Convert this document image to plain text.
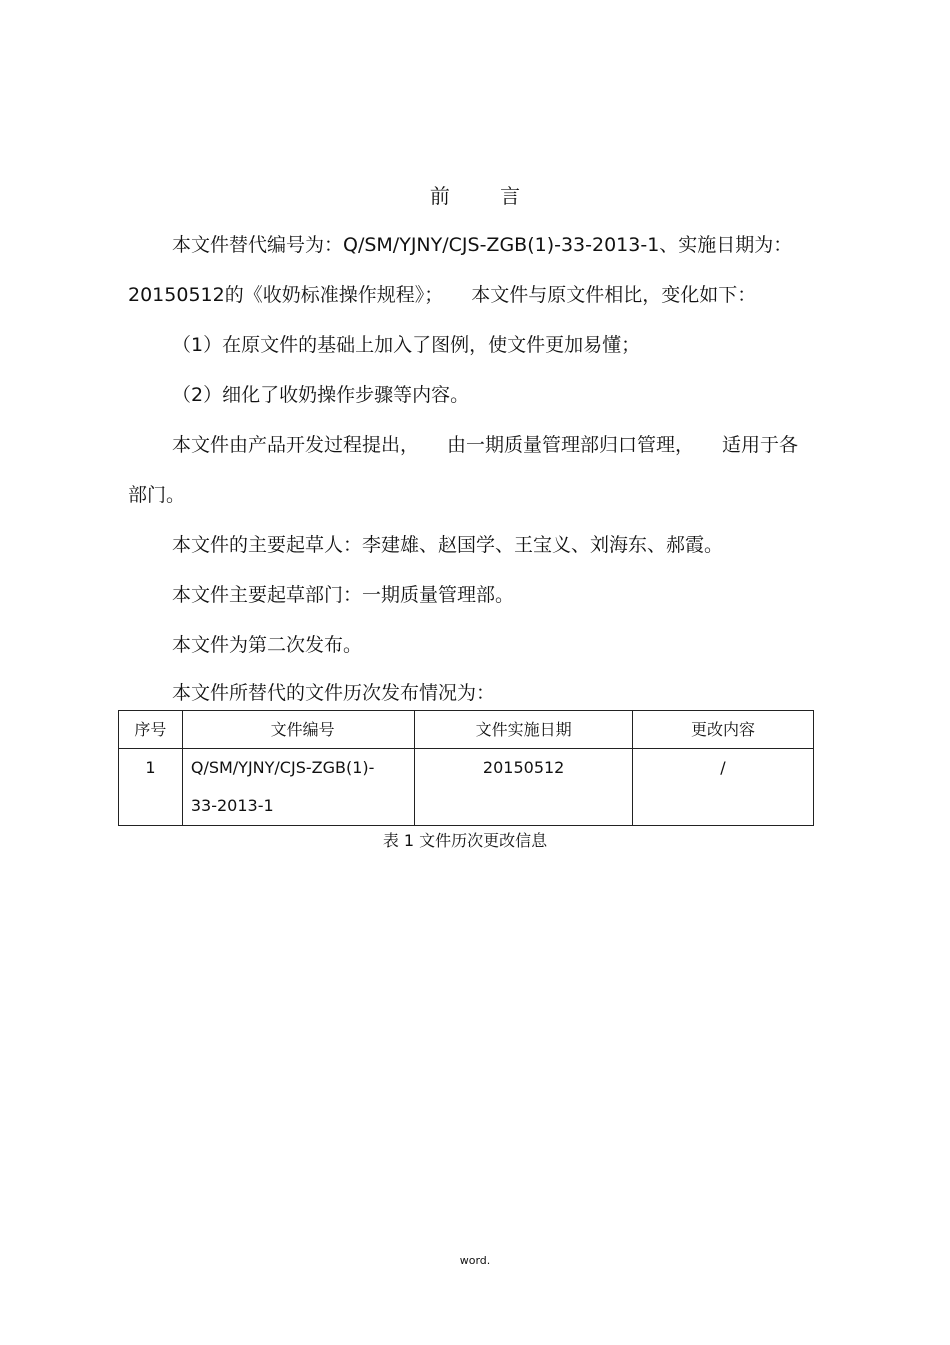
前 言
本文件替代编号为：Q/SM/YJNY/CJS-ZGB(1)-33-2013-1、实施日期为：
20150512的《收奶标准操作规程》； 本文件与原文件相比，变化如下：
（1）在原文件的基础上加入了图例，使文件更加易懂；
（2）细化了收奶操作步骤等内容。
本文件由产品开发过程提出， 由一期质量管理部归口管理， 适用于各
部门。
本文件的主要起草人：李建雄、赵国学、王宝义、刘海东、郝霞。
本文件主要起草部门：一期质量管理部。
本文件为第二次发布。
本文件所替代的文件历次发布情况为：
序号	文件编号	文件实施日期	更改内容
1	Q/SM/YJNY/CJS-ZGB(1)-
33-2013-1	20150512	/
表 1 文件历次更改信息
word.
